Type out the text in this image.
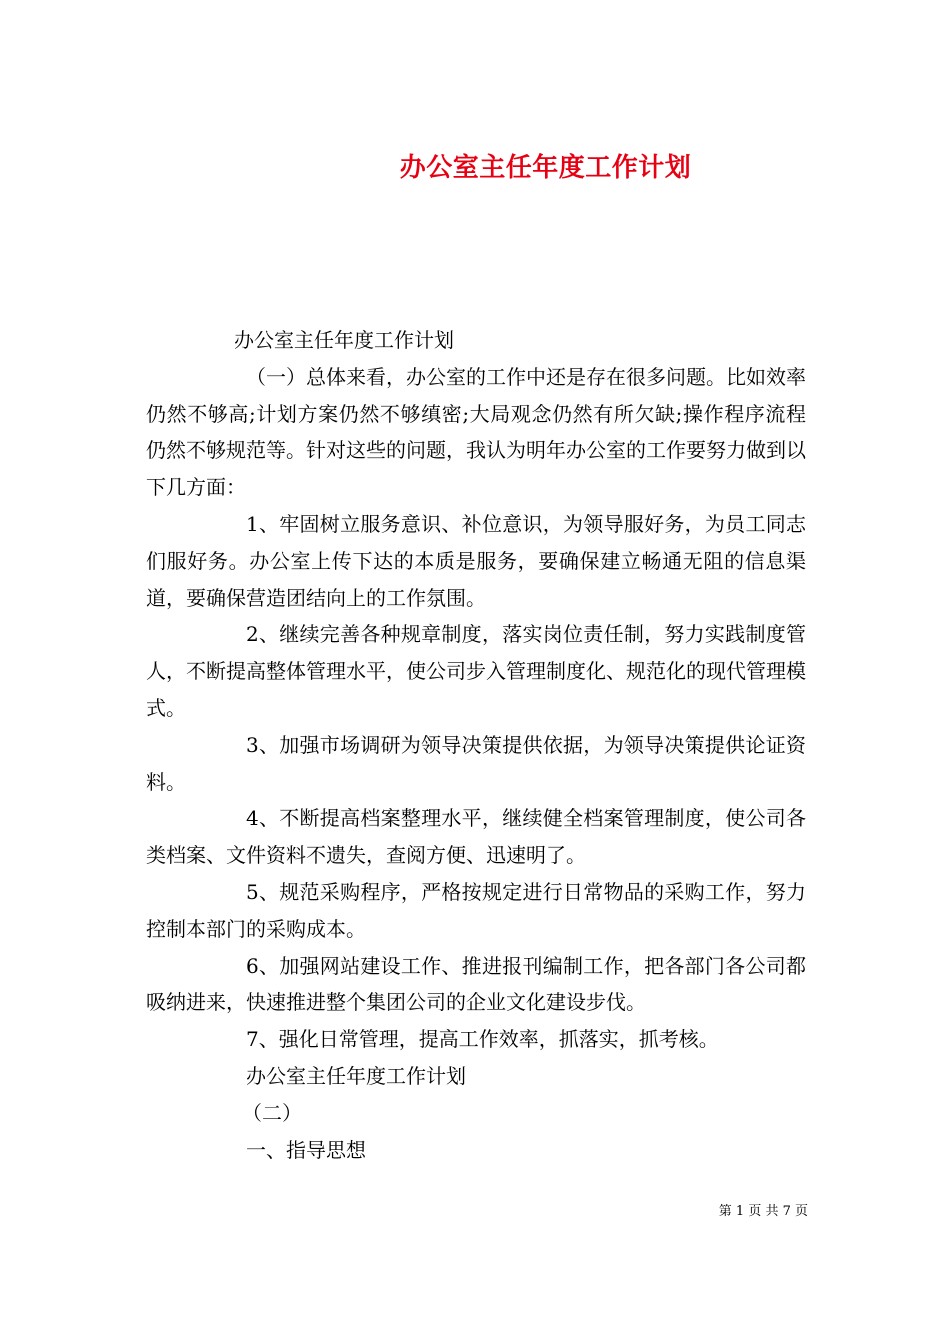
办公室主任年度工作计划

办公室主任年度工作计划

（一）总体来看，办公室的工作中还是存在很多问题。比如效率仍然不够高;计划方案仍然不够缜密;大局观念仍然有所欠缺;操作程序流程仍然不够规范等。针对这些的问题，我认为明年办公室的工作要努力做到以下几方面：

1、牢固树立服务意识、补位意识，为领导服好务，为员工同志们服好务。办公室上传下达的本质是服务，要确保建立畅通无阻的信息渠道，要确保营造团结向上的工作氛围。

2、继续完善各种规章制度，落实岗位责任制，努力实践制度管人，不断提高整体管理水平，使公司步入管理制度化、规范化的现代管理模式。

3、加强市场调研为领导决策提供依据，为领导决策提供论证资料。

4、不断提高档案整理水平，继续健全档案管理制度，使公司各类档案、文件资料不遗失，查阅方便、迅速明了。

5、规范采购程序，严格按规定进行日常物品的采购工作，努力控制本部门的采购成本。

6、加强网站建设工作、推进报刊编制工作，把各部门各公司都吸纳进来，快速推进整个集团公司的企业文化建设步伐。

7、强化日常管理，提高工作效率，抓落实，抓考核。

办公室主任年度工作计划

（二）

一、指导思想

第 1 页 共 7 页
